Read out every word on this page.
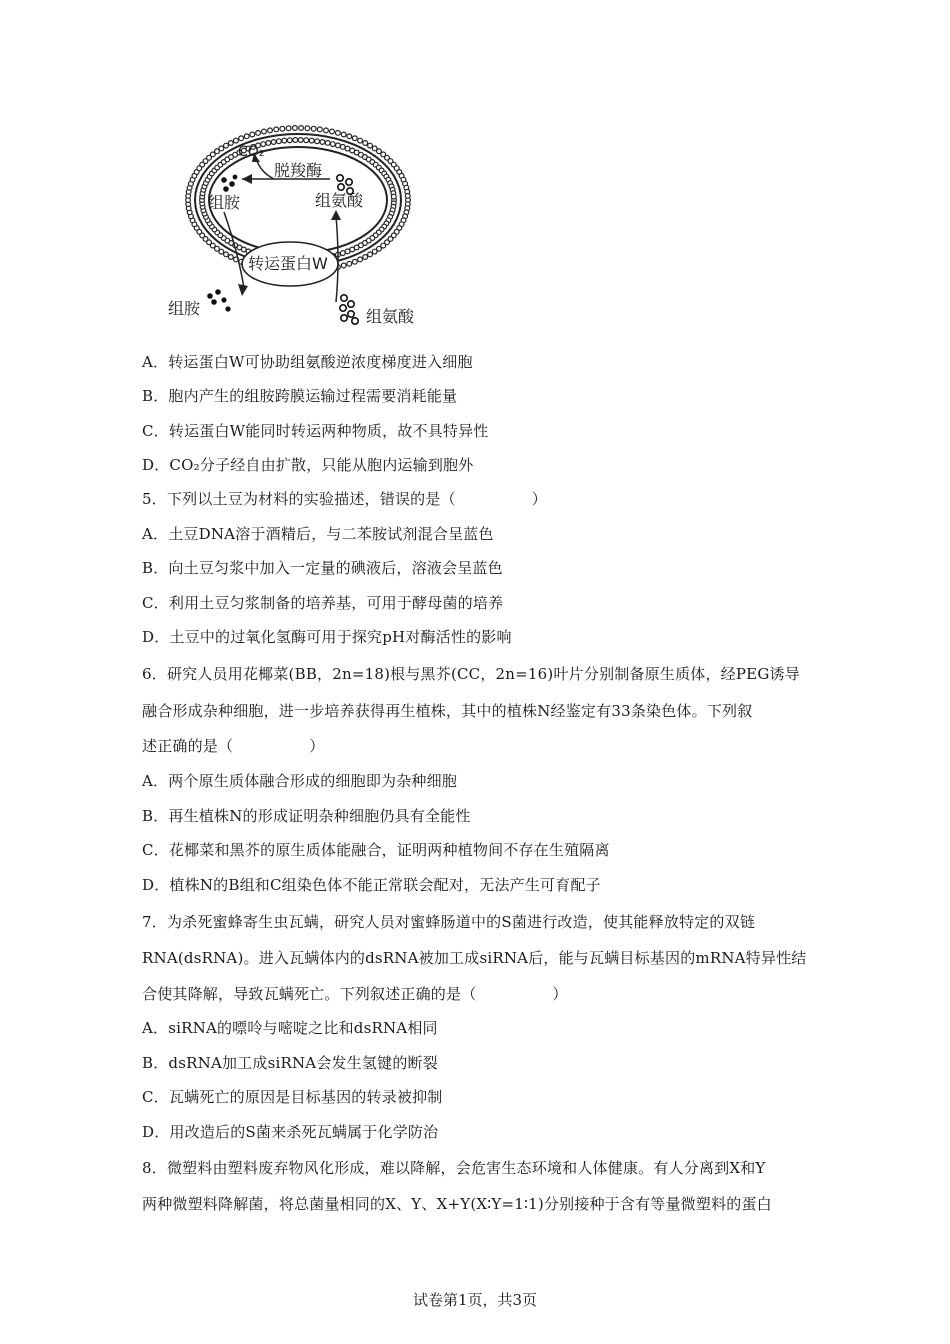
CO₂
脱羧酶
组胺	组氨酸
转运蛋白W
组胺	组氨酸
A．转运蛋白W可协助组氨酸逆浓度梯度进入细胞
B．胞内产生的组胺跨膜运输过程需要消耗能量
C．转运蛋白W能同时转运两种物质，故不具特异性
D．CO₂分子经自由扩散，只能从胞内运输到胞外
5．下列以土豆为材料的实验描述，错误的是（　　　　　）
A．土豆DNA溶于酒精后，与二苯胺试剂混合呈蓝色
B．向土豆匀浆中加入一定量的碘液后，溶液会呈蓝色
C．利用土豆匀浆制备的培养基，可用于酵母菌的培养
D．土豆中的过氧化氢酶可用于探究pH对酶活性的影响
6．研究人员用花椰菜(BB，2n=18)根与黑芥(CC，2n=16)叶片分别制备原生质体，经PEG诱导
融合形成杂种细胞，进一步培养获得再生植株，其中的植株N经鉴定有33条染色体。下列叙
述正确的是（　　　　　）
A．两个原生质体融合形成的细胞即为杂种细胞
B．再生植株N的形成证明杂种细胞仍具有全能性
C．花椰菜和黑芥的原生质体能融合，证明两种植物间不存在生殖隔离
D．植株N的B组和C组染色体不能正常联会配对，无法产生可育配子
7．为杀死蜜蜂寄生虫瓦螨，研究人员对蜜蜂肠道中的S菌进行改造，使其能释放特定的双链
RNA(dsRNA)。进入瓦螨体内的dsRNA被加工成siRNA后，能与瓦螨目标基因的mRNA特异性结
合使其降解，导致瓦螨死亡。下列叙述正确的是（　　　　　）
A．siRNA的嘌呤与嘧啶之比和dsRNA相同
B．dsRNA加工成siRNA会发生氢键的断裂
C．瓦螨死亡的原因是目标基因的转录被抑制
D．用改造后的S菌来杀死瓦螨属于化学防治
8．微塑料由塑料废弃物风化形成，难以降解，会危害生态环境和人体健康。有人分离到X和Y
两种微塑料降解菌，将总菌量相同的X、Y、X+Y(X∶Y=1∶1)分别接种于含有等量微塑料的蛋白
试卷第1页，共3页
